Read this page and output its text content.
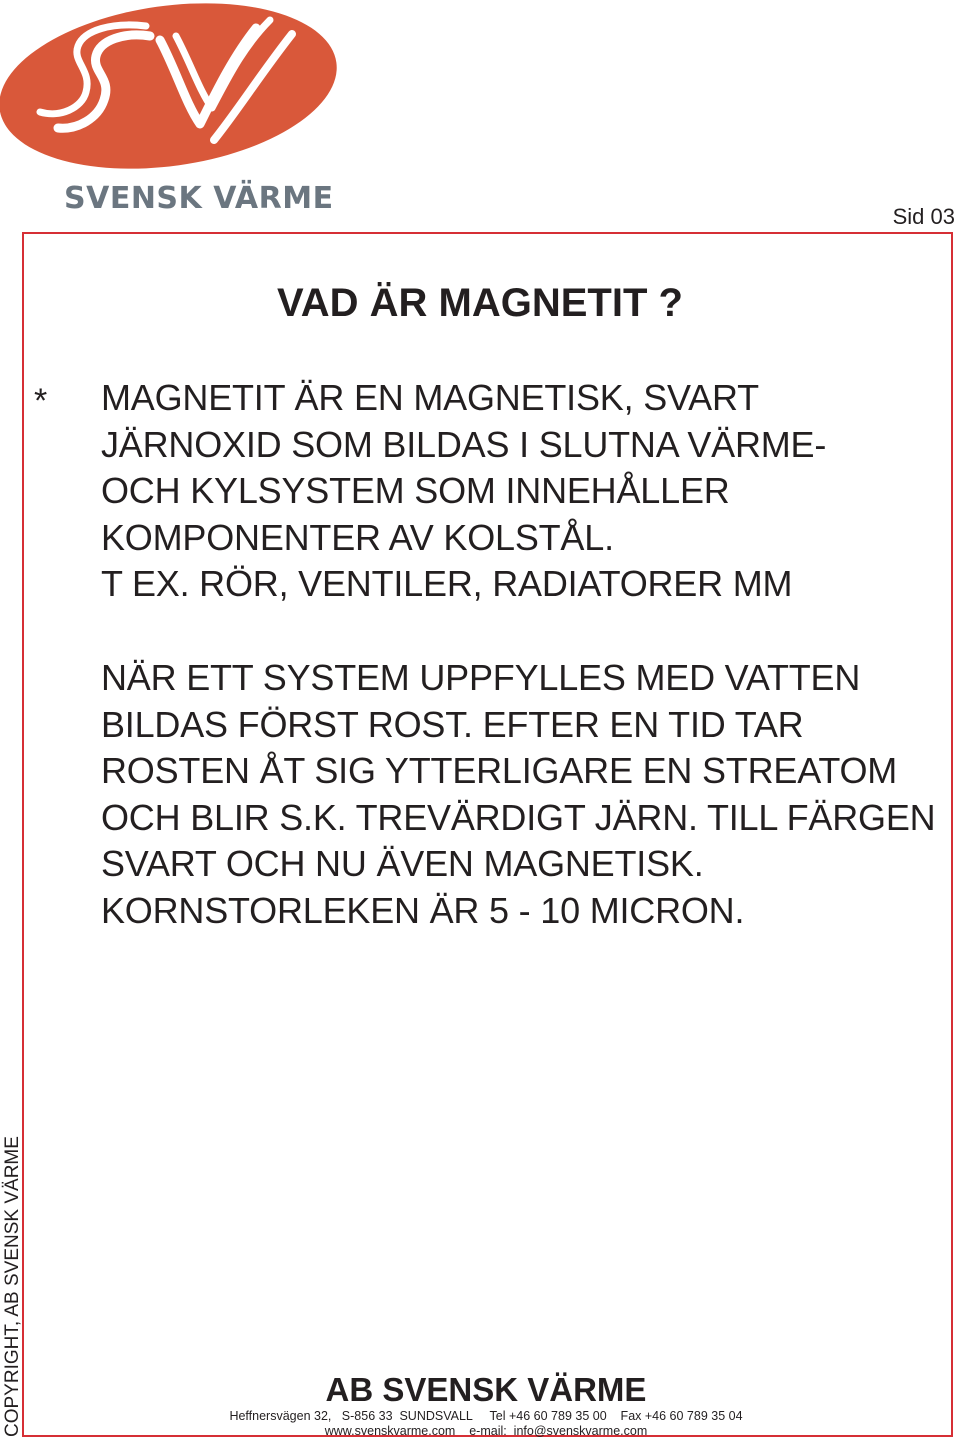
SVENSK VÄRME
Sid 03
VAD ÄR MAGNETIT ?
* MAGNETIT ÄR EN MAGNETISK, SVART
JÄRNOXID SOM BILDAS I SLUTNA VÄRME-
OCH KYLSYSTEM SOM INNEHÅLLER
KOMPONENTER AV KOLSTÅL.
T EX. RÖR, VENTILER, RADIATORER MM

NÄR ETT SYSTEM UPPFYLLES MED VATTEN
BILDAS FÖRST ROST. EFTER EN TID TAR
ROSTEN ÅT SIG YTTERLIGARE EN STREATOM
OCH BLIR S.K. TREVÄRDIGT JÄRN. TILL FÄRGEN
SVART OCH NU ÄVEN MAGNETISK.
KORNSTORLEKEN ÄR 5 - 10 MICRON.

COPYRIGHT, AB SVENSK VÄRME	AB SVENSK VÄRME
Heffnersvägen 32,   S-856 33  SUNDSVALL     Tel +46 60 789 35 00    Fax +46 60 789 35 04
www.svenskvarme.com    e-mail:  info@svenskvarme.com
